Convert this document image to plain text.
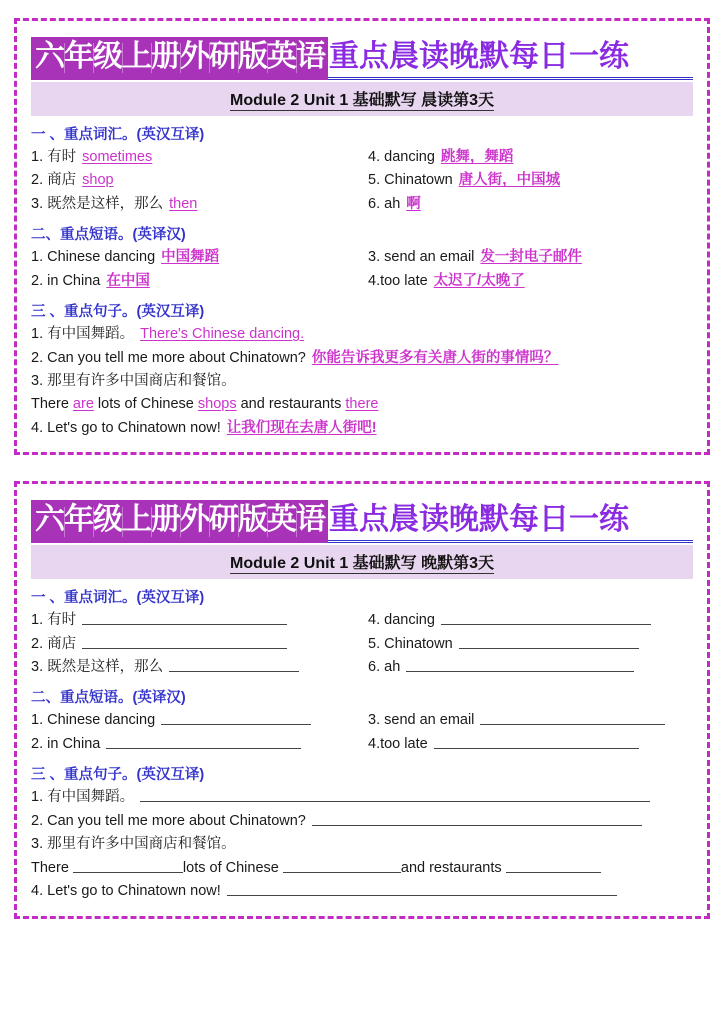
六年级上册外研版英语 重点晨读晚默每日一练
Module 2 Unit 1 基础默写 晨读第3天
一 、重点词汇。(英汉互译)
1. 有时 sometimes	4. dancing 跳舞，舞蹈
2. 商店 shop	5. Chinatown 唐人街，中国城
3. 既然是这样，那么 then	6. ah 啊
二、重点短语。(英译汉)
1. Chinese dancing 中国舞蹈	3. send an email 发一封电子邮件
2. in China 在中国	4.too late 太迟了/太晚了
三 、重点句子。(英汉互译)
1. 有中国舞蹈。 There's Chinese dancing.
2. Can you tell me more about Chinatown? 你能告诉我更多有关唐人街的事情吗？
3. 那里有许多中国商店和餐馆。
There are lots of Chinese shops and restaurants there
4. Let's go to Chinatown now! 让我们现在去唐人街吧!
六年级上册外研版英语 重点晨读晚默每日一练
Module 2 Unit 1 基础默写 晚默第3天
一 、重点词汇。(英汉互译)
1. 有时	4. dancing
2. 商店	5. Chinatown
3. 既然是这样，那么	6. ah
二、重点短语。(英译汉)
1. Chinese dancing	3. send an email
2. in China	4.too late
三 、重点句子。(英汉互译)
1. 有中国舞蹈。
2. Can you tell me more about Chinatown?
3. 那里有许多中国商店和餐馆。
There	lots of Chinese	and restaurants
4. Let's go to Chinatown now!
